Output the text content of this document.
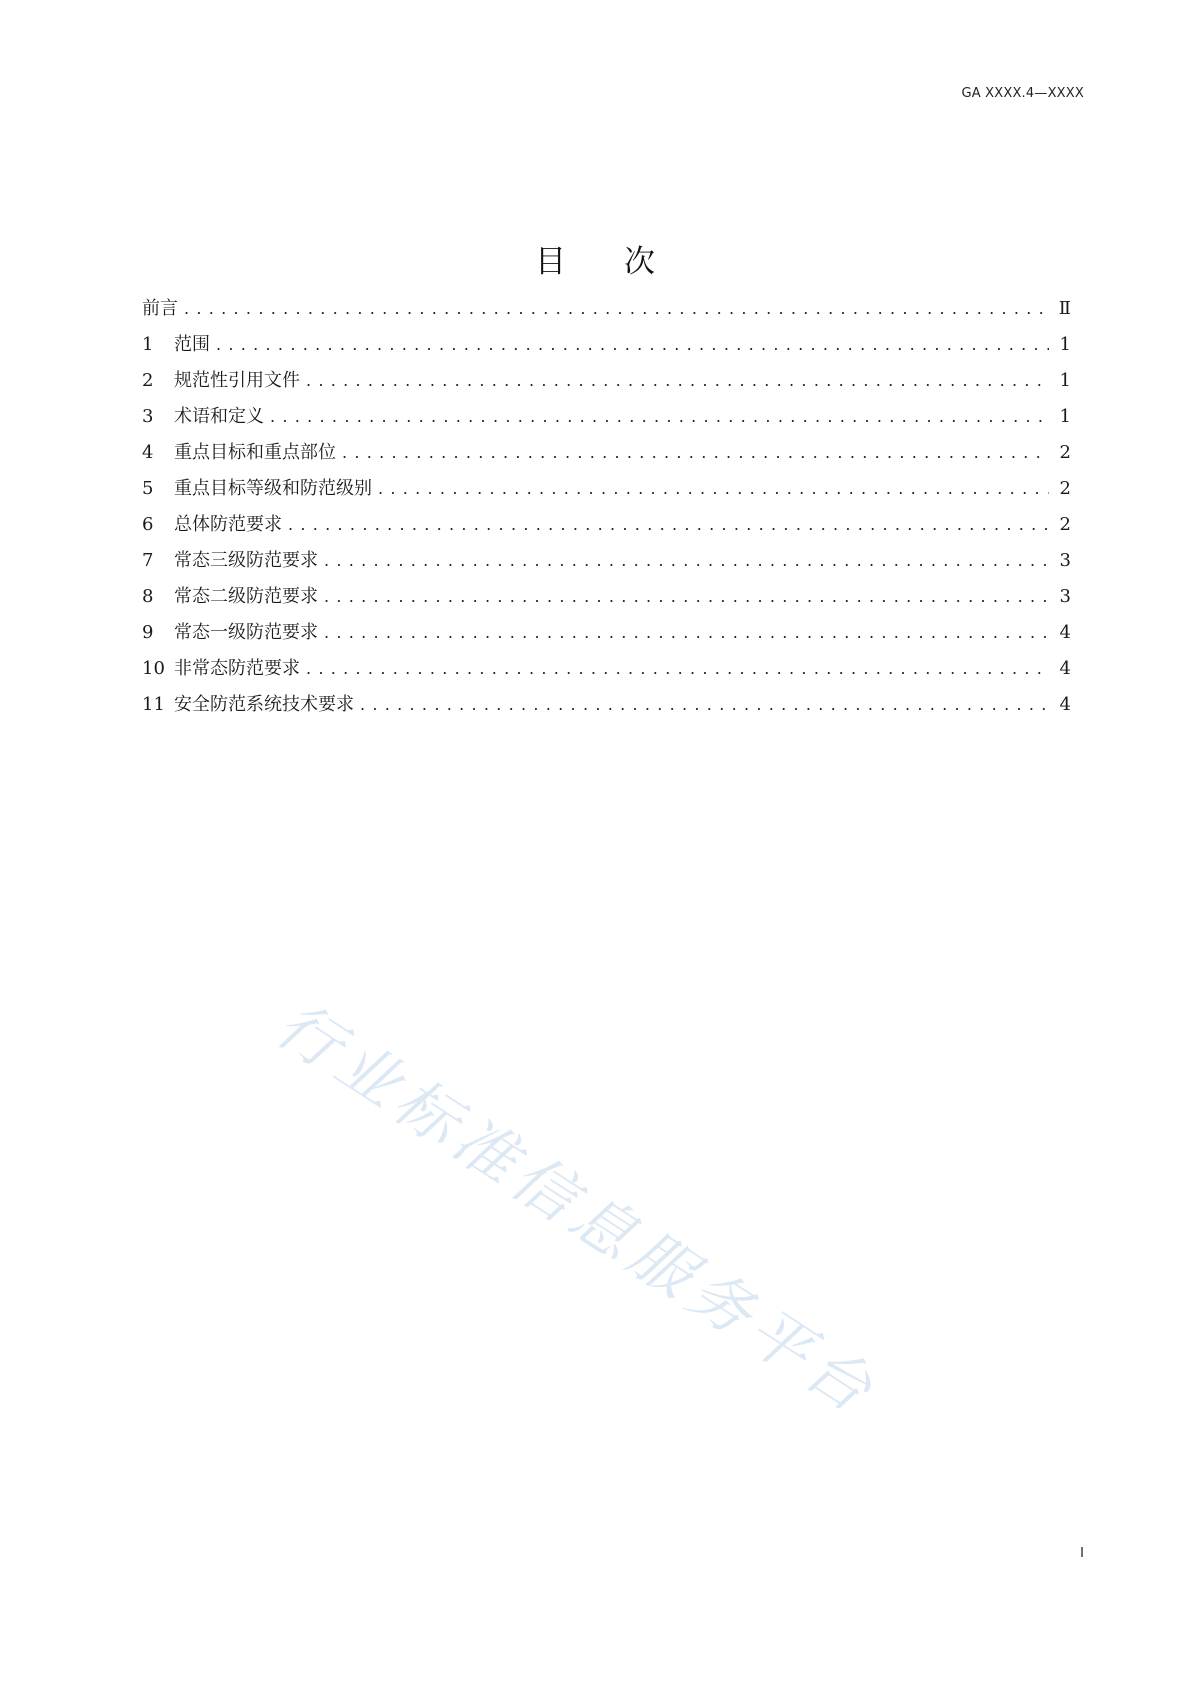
GA XXXX.4—XXXX
目 次
前言 .....	Ⅱ
1	范围 .....	1
2	规范性引用文件 .....	1
3	术语和定义 .....	1
4	重点目标和重点部位 .....	2
5	重点目标等级和防范级别 .....	2
6	总体防范要求 .....	2
7	常态三级防范要求 .....	3
8	常态二级防范要求 .....	3
9	常态一级防范要求 .....	4
10 非常态防范要求 .....	4
11 安全防范系统技术要求 .....	4
行业标准信息服务平台
I
